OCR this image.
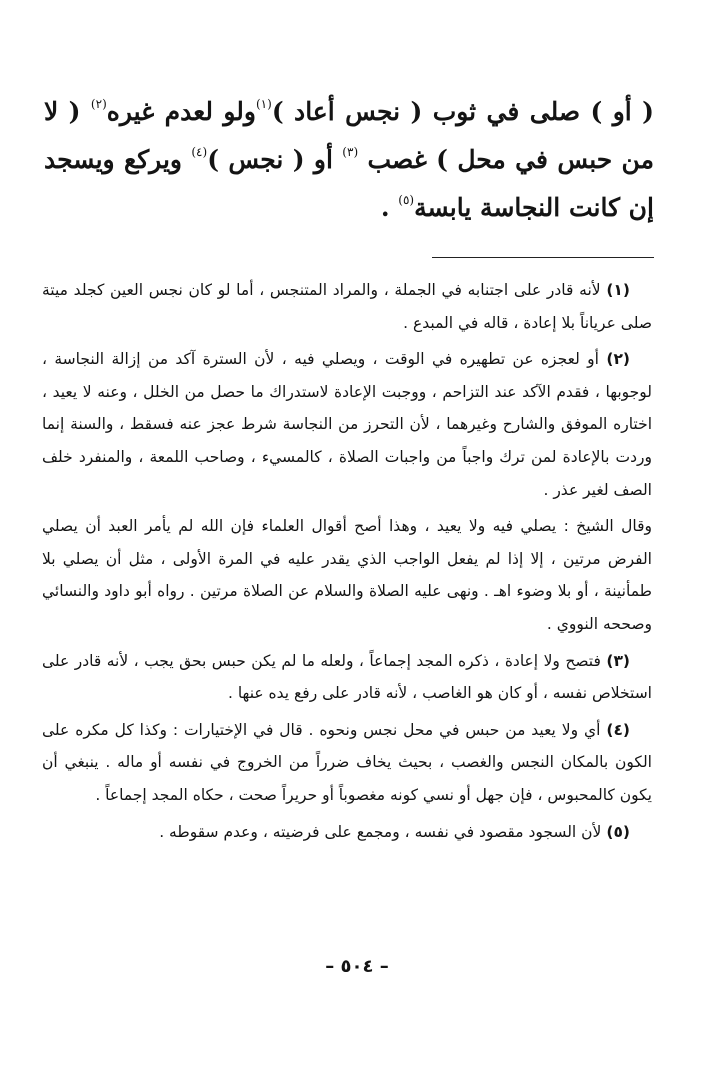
( أو ) صلى في ثوب ( نجس أعاد )$^{(١)}$ولو لعدم غيره$^{(٢)}$ ( لا من حبس في محل ) غصب $^{(٣)}$ أو ( نجس )$^{(٤)}$ ويركع ويسجد إن كانت النجاسة يابسة$^{(٥)}$ .

(١) لأنه قادر على اجتنابه في الجملة ، والمراد المتنجس ، أما لو كان نجس العين كجلد ميتة صلى عرياناً بلا إعادة ، قاله في المبدع .

(٢) أو لعجزه عن تطهيره في الوقت ، ويصلي فيه ، لأن السترة آكد من إزالة النجاسة ، لوجوبها ، فقدم الآكد عند التزاحم ، ووجبت الإعادة لاستدراك ما حصل من الخلل ، وعنه لا يعيد ، اختاره الموفق والشارح وغيرهما ، لأن التحرز من النجاسة شرط عجز عنه فسقط ، والسنة إنما وردت بالإعادة لمن ترك واجباً من واجبات الصلاة ، كالمسيء ، وصاحب اللمعة ، والمنفرد خلف الصف لغير عذر .

وقال الشيخ : يصلي فيه ولا يعيد ، وهذا أصح أقوال العلماء فإن الله لم يأمر العبد أن يصلي الفرض مرتين ، إلا إذا لم يفعل الواجب الذي يقدر عليه في المرة الأولى ، مثل أن يصلي بلا طمأنينة ، أو بلا وضوء اهـ . ونهى عليه الصلاة والسلام عن الصلاة مرتين . رواه أبو داود والنسائي وصححه النووي .

(٣) فتصح ولا إعادة ، ذكره المجد إجماعاً ، ولعله ما لم يكن حبس بحق يجب ، لأنه قادر على استخلاص نفسه ، أو كان هو الغاصب ، لأنه قادر على رفع يده عنها .

(٤) أي ولا يعيد من حبس في محل نجس ونحوه . قال في الإختيارات : وكذا كل مكره على الكون بالمكان النجس والغصب ، بحيث يخاف ضرراً من الخروج في نفسه أو ماله . ينبغي أن يكون كالمحبوس ، فإن جهل أو نسي كونه مغصوباً أو حريراً صحت ، حكاه المجد إجماعاً .

(٥) لأن السجود مقصود في نفسه ، ومجمع على فرضيته ، وعدم سقوطه .

– ٥٠٤ –
